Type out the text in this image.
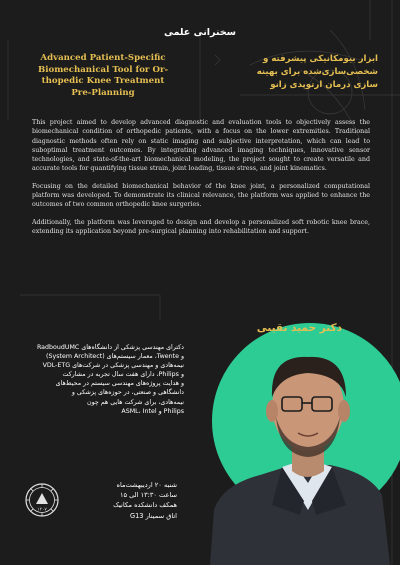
سخنرانی علمی
Advanced Patient-Specific
Biomechanical Tool for Or-
thopedic Knee Treatment
Pre-Planning
ابزار بیومکانیکی پیشرفته و
شخصی‌سازی‌شده برای بهینه
سازی درمان ارتوپدی زانو

This project aimed to develop advanced diagnostic and evaluation tools to objectively assess the biomechanical condition of orthopedic patients, with a focus on the lower extremities. Traditional diagnostic methods often rely on static imaging and subjective interpretation, which can lead to suboptimal treatment outcomes. By integrating advanced imaging techniques, innovative sensor technologies, and state-of-the-art biomechanical modeling, the project sought to create versatile and accurate tools for quantifying tissue strain, joint loading, tissue stress, and joint kinematics.

Focusing on the detailed biomechanical behavior of the knee joint, a personalized computational platform was developed. To demonstrate its clinical relevance, the platform was applied to enhance the outcomes of two common orthopedic knee surgeries.

Additionally, the platform was leveraged to design and develop a personalized soft robotic knee brace, extending its application beyond pre-surgical planning into rehabilitation and support.

دکتر حمید نقیبی
دکترای مهندسی پزشکی از دانشگاه‌های RadboudUMC
و Twente، معمار سیستم‌های (System Architect)
نیمه‌هادی و مهندسی پزشکی در شرکت‌های VDL-ETG
و Philips، دارای هفت سال تجربه در مشارکت
و هدایت پروژه‌های مهندسی سیستم در محیط‌های
دانشگاهی و صنعتی، در حوزه‌های پزشکی و
نیمه‌هادی، برای شرکت هایی هم چون
Philips و ASML، Intel
۱۳۰۷
شنبه ۲۰ اردیبهشت‌ماه
ساعت ۱۳:۳۰ الی ۱۵
همکف دانشکده مکانیک
اتاق سمینار G13
